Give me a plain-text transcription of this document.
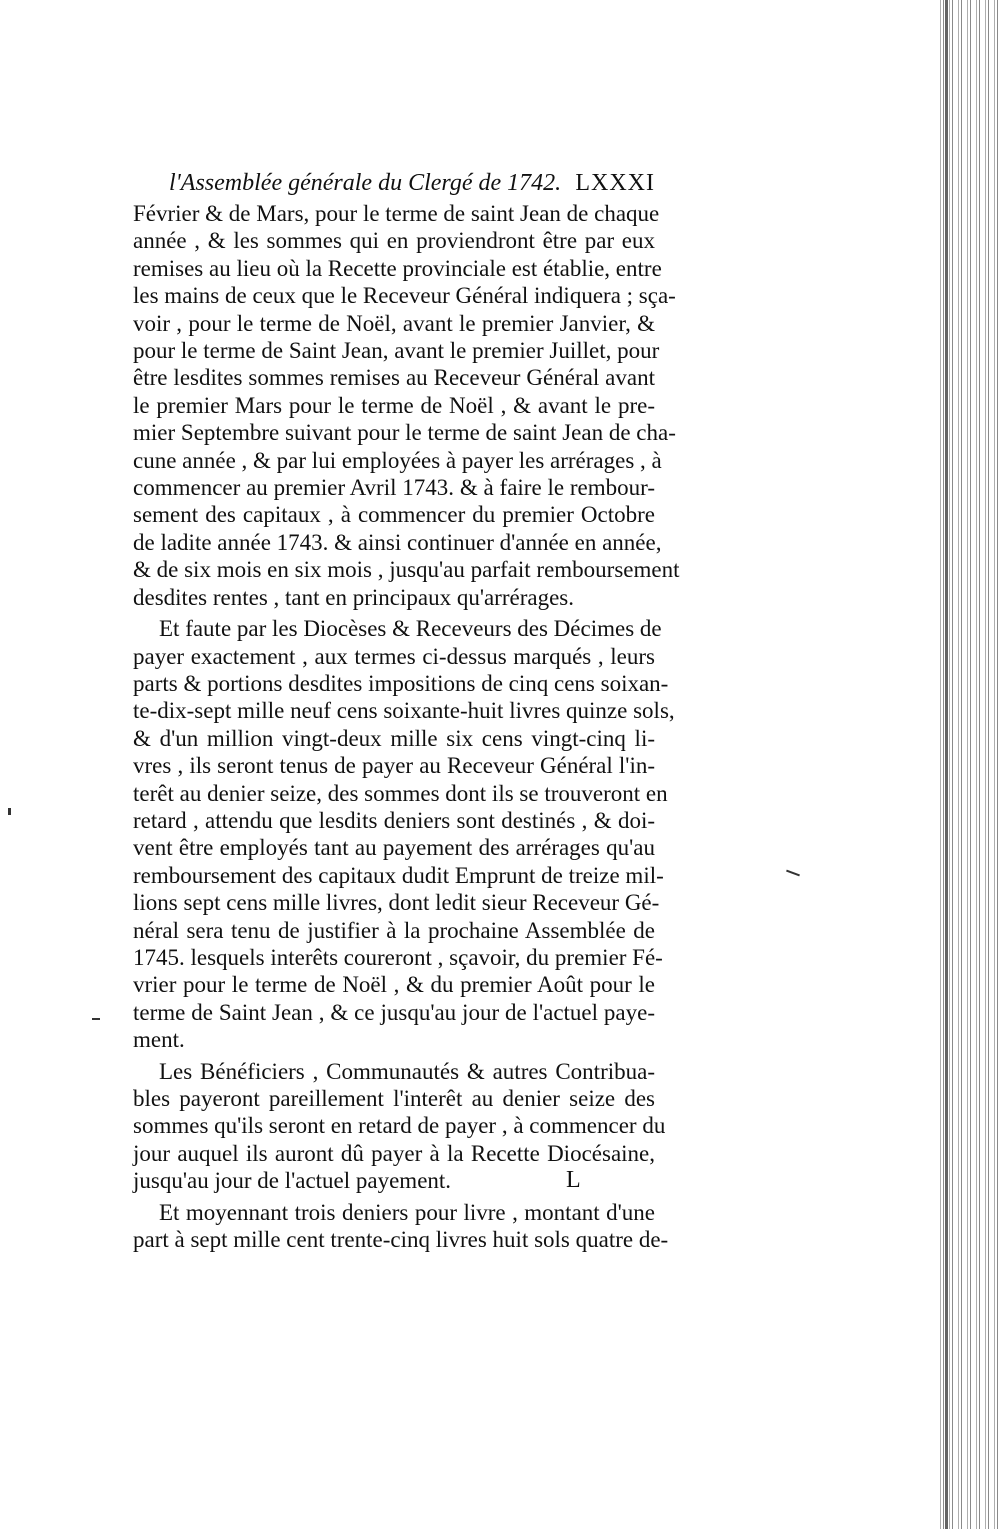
l'Assemblée générale du Clergé de 1742. LXXXI
Février & de Mars, pour le terme de saint Jean de chaque
année , & les sommes qui en proviendront être par eux
remises au lieu où la Recette provinciale est établie, entre
les mains de ceux que le Receveur Général indiquera ; sça-
voir , pour le terme de Noël, avant le premier Janvier, &
pour le terme de Saint Jean, avant le premier Juillet, pour
être lesdites sommes remises au Receveur Général avant
le premier Mars pour le terme de Noël , & avant le pre-
mier Septembre suivant pour le terme de saint Jean de cha-
cune année , & par lui employées à payer les arrérages , à
commencer au premier Avril 1743. & à faire le rembour-
sement des capitaux , à commencer du premier Octobre
de ladite année 1743. & ainsi continuer d'année en année,
& de six mois en six mois , jusqu'au parfait remboursement
desdites rentes , tant en principaux qu'arrérages.
Et faute par les Diocèses & Receveurs des Décimes de
payer exactement , aux termes ci-dessus marqués , leurs
parts & portions desdites impositions de cinq cens soixan-
te-dix-sept mille neuf cens soixante-huit livres quinze sols,
& d'un million vingt-deux mille six cens vingt-cinq li-
vres , ils seront tenus de payer au Receveur Général l'in-
terêt au denier seize, des sommes dont ils se trouveront en
retard , attendu que lesdits deniers sont destinés , & doi-
vent être employés tant au payement des arrérages qu'au
remboursement des capitaux dudit Emprunt de treize mil-
lions sept cens mille livres, dont ledit sieur Receveur Gé-
néral sera tenu de justifier à la prochaine Assemblée de
1745. lesquels interêts coureront , sçavoir, du premier Fé-
vrier pour le terme de Noël , & du premier Août pour le
terme de Saint Jean , & ce jusqu'au jour de l'actuel paye-
ment.
Les Bénéficiers , Communautés & autres Contribua-
bles payeront pareillement l'interêt au denier seize des
sommes qu'ils seront en retard de payer , à commencer du
jour auquel ils auront dû payer à la Recette Diocésaine,
jusqu'au jour de l'actuel payement.
Et moyennant trois deniers pour livre , montant d'une
part à sept mille cent trente-cinq livres huit sols quatre de-
L
